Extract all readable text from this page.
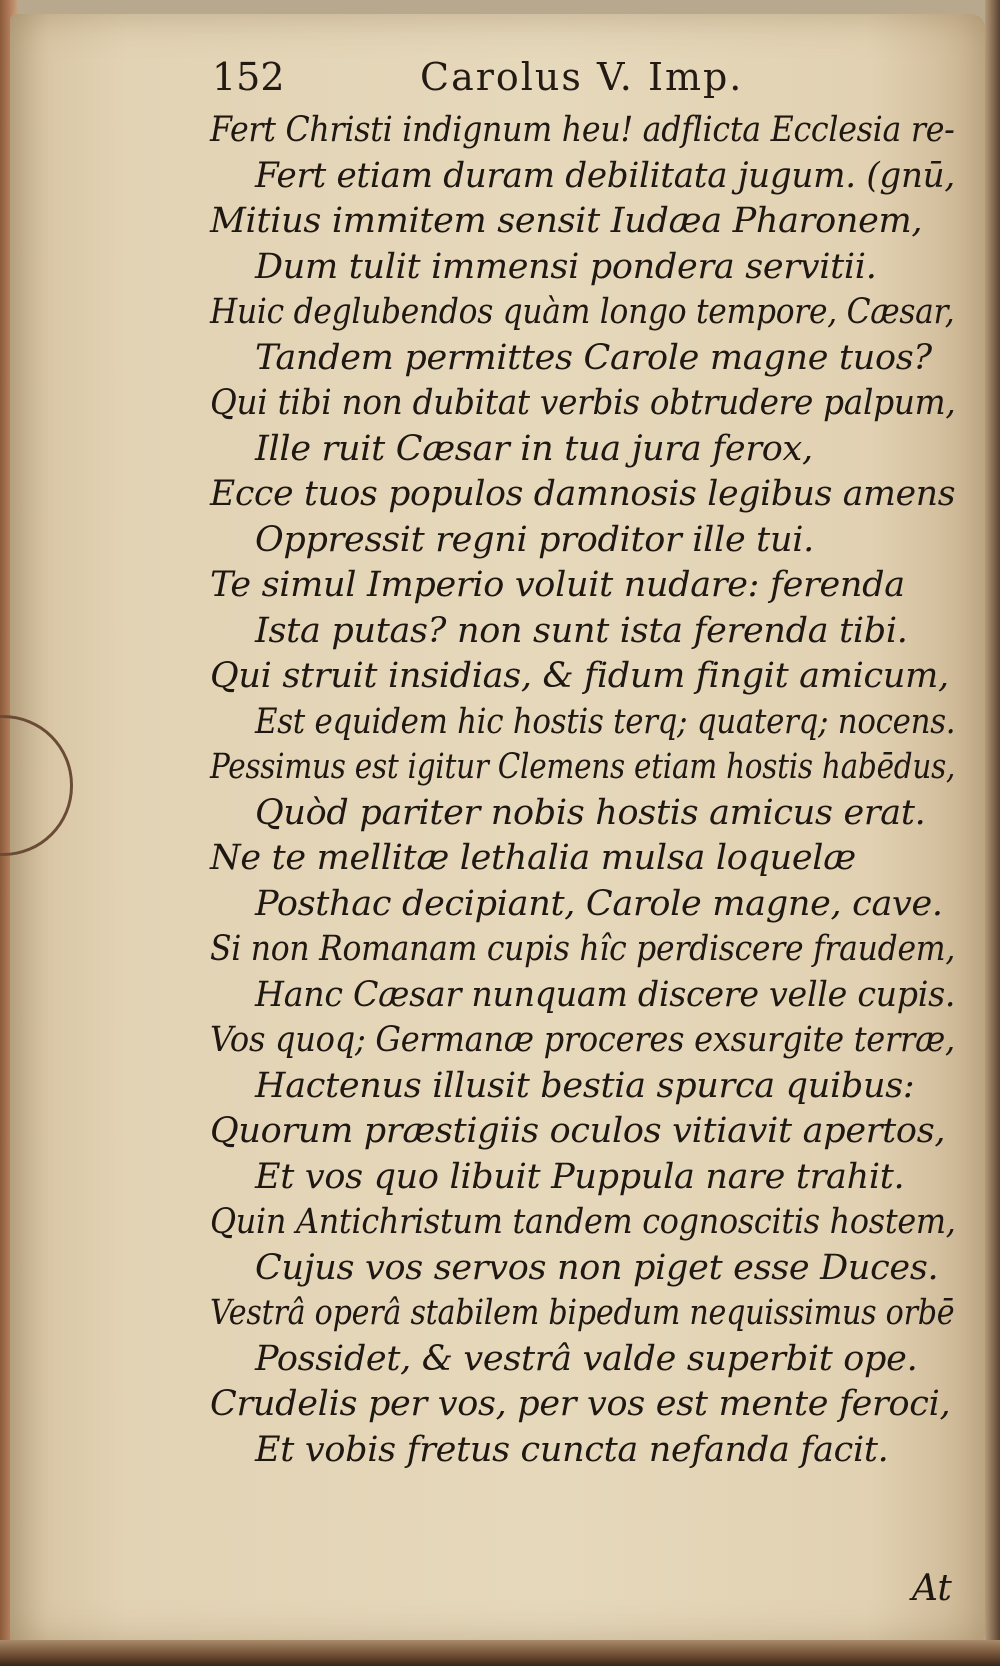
152	Carolus V. Imp.
Fert Christi indignum heu! adflicta Ecclesia re-
Fert etiam duram debilitata jugum. (gnū,
Mitius immitem sensit Iudæa Pharonem,
Dum tulit immensi pondera servitii.
Huic deglubendos quàm longo tempore, Cæsar,
Tandem permittes Carole magne tuos?
Qui tibi non dubitat verbis obtrudere palpum,
Ille ruit Cæsar in tua jura ferox,
Ecce tuos populos damnosis legibus amens
Oppressit regni proditor ille tui.
Te simul Imperio voluit nudare: ferenda
Ista putas? non sunt ista ferenda tibi.
Qui struit insidias, & fidum fingit amicum,
Est equidem hic hostis terq; quaterq; nocens.
Pessimus est igitur Clemens etiam hostis habēdus,
Quòd pariter nobis hostis amicus erat.
Ne te mellitæ lethalia mulsa loquelæ
Posthac decipiant, Carole magne, cave.
Si non Romanam cupis hîc perdiscere fraudem,
Hanc Cæsar nunquam discere velle cupis.
Vos quoq; Germanæ proceres exsurgite terræ,
Hactenus illusit bestia spurca quibus:
Quorum præstigiis oculos vitiavit apertos,
Et vos quo libuit Puppula nare trahit.
Quin Antichristum tandem cognoscitis hostem,
Cujus vos servos non piget esse Duces.
Vestrâ operâ stabilem bipedum nequissimus orbē
Possidet, & vestrâ valde superbit ope.
Crudelis per vos, per vos est mente feroci,
Et vobis fretus cuncta nefanda facit.
At
